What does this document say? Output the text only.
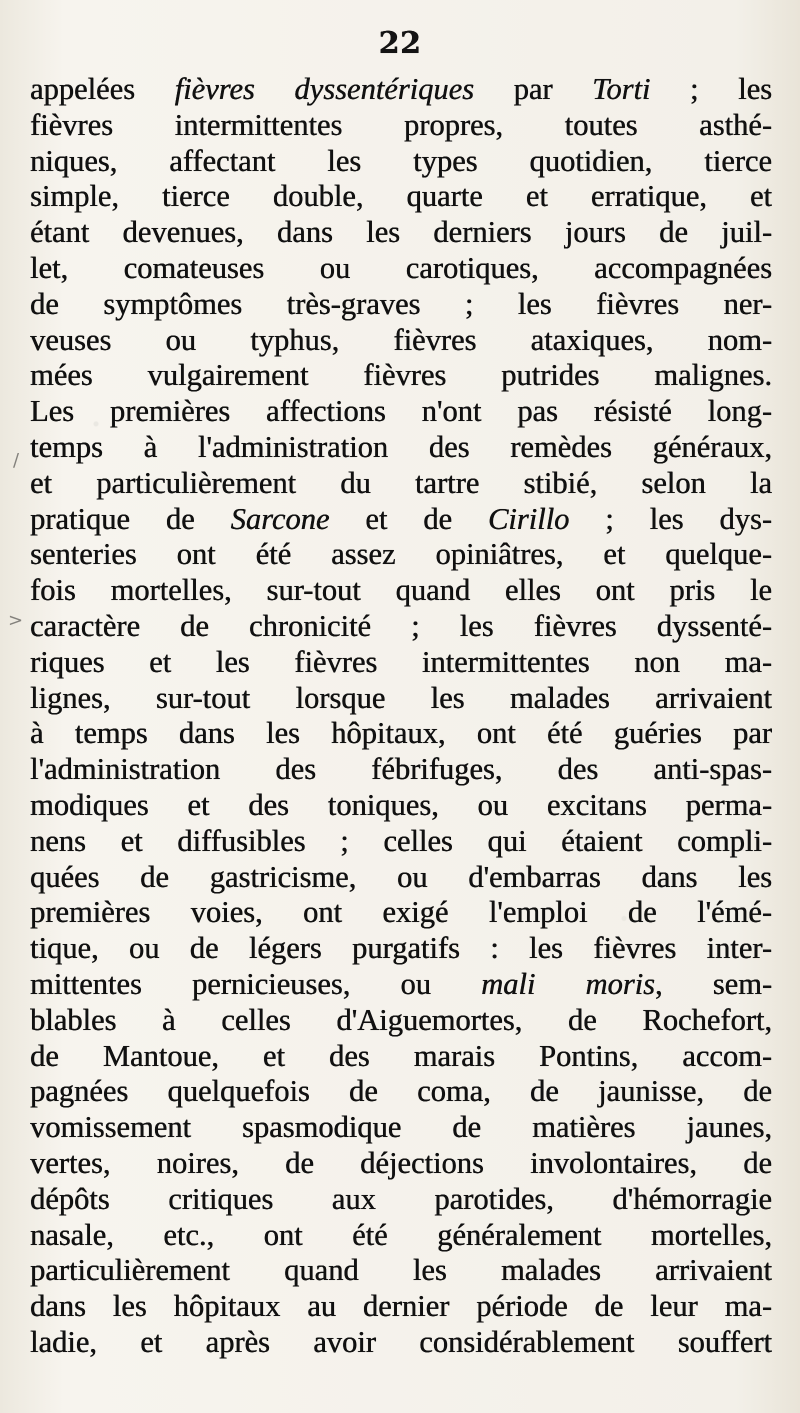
22
appelées fièvres dyssentériques par Torti ; les
fièvres intermittentes propres, toutes asthé-
niques, affectant les types quotidien, tierce
simple, tierce double, quarte et erratique, et
étant devenues, dans les derniers jours de juil-
let, comateuses ou carotiques, accompagnées
de symptômes très-graves ; les fièvres ner-
veuses ou typhus, fièvres ataxiques, nom-
mées vulgairement fièvres putrides malignes.
Les premières affections n'ont pas résisté long-
temps à l'administration des remèdes généraux,
et particulièrement du tartre stibié, selon la
pratique de Sarcone et de Cirillo ; les dys-
senteries ont été assez opiniâtres, et quelque-
fois mortelles, sur-tout quand elles ont pris le
caractère de chronicité ; les fièvres dyssenté-
riques et les fièvres intermittentes non ma-
lignes, sur-tout lorsque les malades arrivaient
à temps dans les hôpitaux, ont été guéries par
l'administration des fébrifuges, des anti-spas-
modiques et des toniques, ou excitans perma-
nens et diffusibles ; celles qui étaient compli-
quées de gastricisme, ou d'embarras dans les
premières voies, ont exigé l'emploi de l'émé-
tique, ou de légers purgatifs : les fièvres inter-
mittentes pernicieuses, ou mali moris, sem-
blables à celles d'Aiguemortes, de Rochefort,
de Mantoue, et des marais Pontins, accom-
pagnées quelquefois de coma, de jaunisse, de
vomissement spasmodique de matières jaunes,
vertes, noires, de déjections involontaires, de
dépôts critiques aux parotides, d'hémorragie
nasale, etc., ont été généralement mortelles,
particulièrement quand les malades arrivaient
dans les hôpitaux au dernier période de leur ma-
ladie, et après avoir considérablement souffert
/
>
